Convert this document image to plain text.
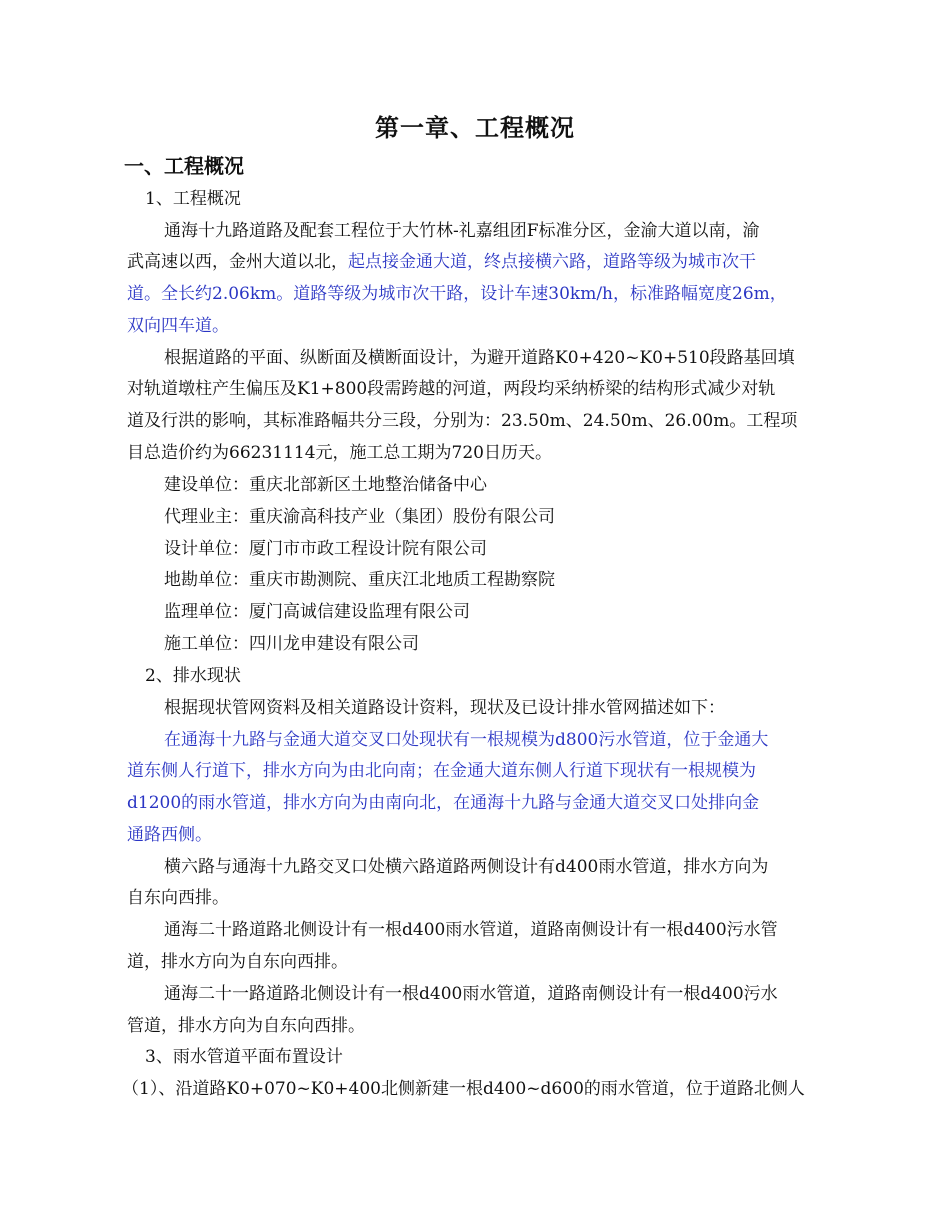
第一章、工程概况
一、工程概况
1、工程概况
通海十九路道路及配套工程位于大竹林-礼嘉组团F标准分区，金渝大道以南，渝
武高速以西，金州大道以北，起点接金通大道，终点接横六路，道路等级为城市次干
道。全长约2.06km。道路等级为城市次干路，设计车速30km/h，标准路幅宽度26m，
双向四车道。
根据道路的平面、纵断面及横断面设计，为避开道路K0+420~K0+510段路基回填
对轨道墩柱产生偏压及K1+800段需跨越的河道，两段均采纳桥梁的结构形式减少对轨
道及行洪的影响，其标准路幅共分三段，分别为：23.50m、24.50m、26.00m。工程项
目总造价约为66231114元，施工总工期为720日历天。
建设单位：重庆北部新区土地整治储备中心
代理业主：重庆渝高科技产业（集团）股份有限公司
设计单位：厦门市市政工程设计院有限公司
地勘单位：重庆市勘测院、重庆江北地质工程勘察院
监理单位：厦门高诚信建设监理有限公司
施工单位：四川龙申建设有限公司
2、排水现状
根据现状管网资料及相关道路设计资料，现状及已设计排水管网描述如下：
在通海十九路与金通大道交叉口处现状有一根规模为d800污水管道，位于金通大
道东侧人行道下，排水方向为由北向南；在金通大道东侧人行道下现状有一根规模为
d1200的雨水管道，排水方向为由南向北，在通海十九路与金通大道交叉口处排向金
通路西侧。
横六路与通海十九路交叉口处横六路道路两侧设计有d400雨水管道，排水方向为
自东向西排。
通海二十路道路北侧设计有一根d400雨水管道，道路南侧设计有一根d400污水管
道，排水方向为自东向西排。
通海二十一路道路北侧设计有一根d400雨水管道，道路南侧设计有一根d400污水
管道，排水方向为自东向西排。
3、雨水管道平面布置设计
（1）、沿道路K0+070~K0+400北侧新建一根d400~d600的雨水管道，位于道路北侧人
